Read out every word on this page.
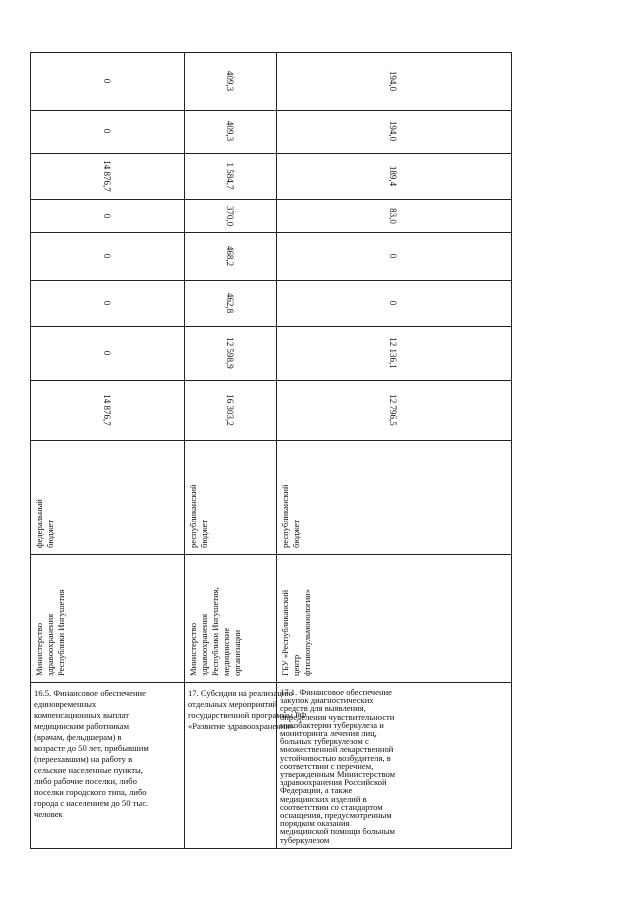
16.5. Финансовое обеспечение
единовременных
компенсационных выплат
медицинским работникам
(врачам, фельдшерам) в
возрасте до 50 лет, прибывшим
(переехавшим) на работу в
сельские населенные пункты,
либо рабочие поселки, либо
поселки городского типа, либо
города с населением до 50 тыс.
человек
Министерство здравоохранения Республики Ингушетия
федеральный бюджет
14 876,7
0
0
0
0
14 876,7
0
0
17. Субсидия на реализацию
отдельных мероприятий
государственной программы РФ
«Развитие здравоохранения»
Министерство здравоохранения Республики Ингушетия, медицинские организации
республиканский бюджет
16 303,2
12 598,9
462,8
468,2
370,0
1 584,7
409,3
409,3
17.1. Финансовое обеспечение
закупок диагностических
средств для выявления,
определения чувствительности
микобактерии туберкулеза и
мониторинга лечения лиц,
больных туберкулезом с
множественной лекарственной
устойчивостью возбудителя, в
соответствии с перечнем,
утвержденным Министерством
здравоохранения Российской
Федерации, а также
медицинских изделий в
соответствии со стандартом
оснащения, предусмотренным
порядком оказания
медицинской помощи больным
туберкулезом
ГБУ «Республиканский центр фтизиопульмонологии»
республиканский бюджет
12 796,5
12 136,1
0
0
83,0
189,4
194,0
194,0
